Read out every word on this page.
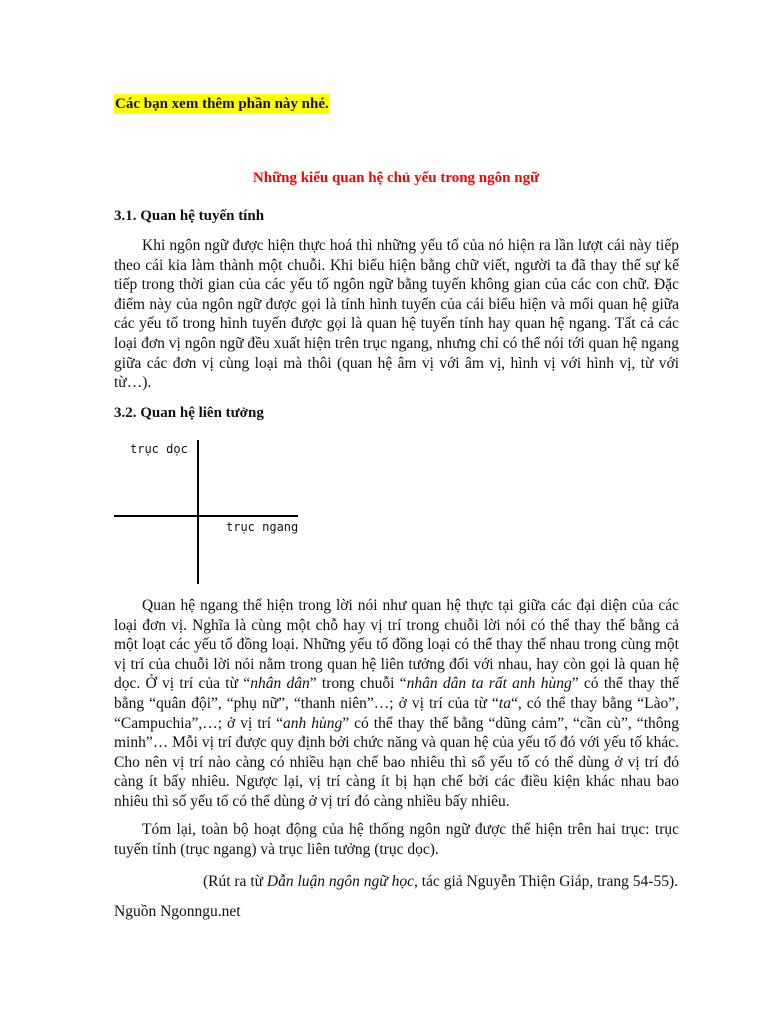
Các bạn xem thêm phần này nhé.
Những kiểu quan hệ chủ yếu trong ngôn ngữ
3.1. Quan hệ tuyến tính

Khi ngôn ngữ được hiện thực hoá thì những yếu tố của nó hiện ra lần lượt cái này tiếp theo cái kia làm thành một chuỗi. Khi biểu hiện bằng chữ viết, người ta đã thay thế sự kế tiếp trong thời gian của các yếu tố ngôn ngữ bằng tuyến không gian của các con chữ. Đặc điểm này của ngôn ngữ được gọi là tính hình tuyến của cái biểu hiện và mối quan hệ giữa các yếu tố trong hình tuyến được gọi là quan hệ tuyến tính hay quan hệ ngang. Tất cả các loại đơn vị ngôn ngữ đều xuất hiện trên trục ngang, nhưng chỉ có thể nói tới quan hệ ngang giữa các đơn vị cùng loại mà thôi (quan hệ âm vị với âm vị, hình vị với hình vị, từ với từ…).

3.2. Quan hệ liên tưởng
trục dọc
trục ngang

Quan hệ ngang thể hiện trong lời nói như quan hệ thực tại giữa các đại diện của các loại đơn vị. Nghĩa là cùng một chỗ hay vị trí trong chuỗi lời nói có thể thay thế bằng cả một loạt các yếu tố đồng loại. Những yếu tố đồng loại có thể thay thế nhau trong cùng một vị trí của chuỗi lời nói nằm trong quan hệ liên tưởng đối với nhau, hay còn gọi là quan hệ dọc. Ở vị trí của từ “nhân dân” trong chuỗi “nhân dân ta rất anh hùng” có thể thay thế bằng “quân đội”, “phụ nữ”, “thanh niên”…; ở vị trí của từ “ta“, có thể thay bằng “Lào”, “Campuchia”,…; ở vị trí “anh hùng” có thể thay thế bằng “dũng cảm”, “cần cù”, “thông minh”… Mỗi vị trí được quy định bởi chức năng và quan hệ của yếu tố đó với yếu tố khác. Cho nên vị trí nào càng có nhiều hạn chế bao nhiêu thì số yếu tố có thể dùng ở vị trí đó càng ít bấy nhiêu. Ngược lại, vị trí càng ít bị hạn chế bởi các điều kiện khác nhau bao nhiêu thì số yếu tố có thể dùng ở vị trí đó càng nhiều bấy nhiêu.

Tóm lại, toàn bộ hoạt động của hệ thống ngôn ngữ được thể hiện trên hai trục: trục tuyến tính (trục ngang) và trục liên tưởng (trục dọc).

(Rút ra từ Dẫn luận ngôn ngữ học, tác giả Nguyễn Thiện Giáp, trang 54-55).
Nguồn Ngonngu.net
